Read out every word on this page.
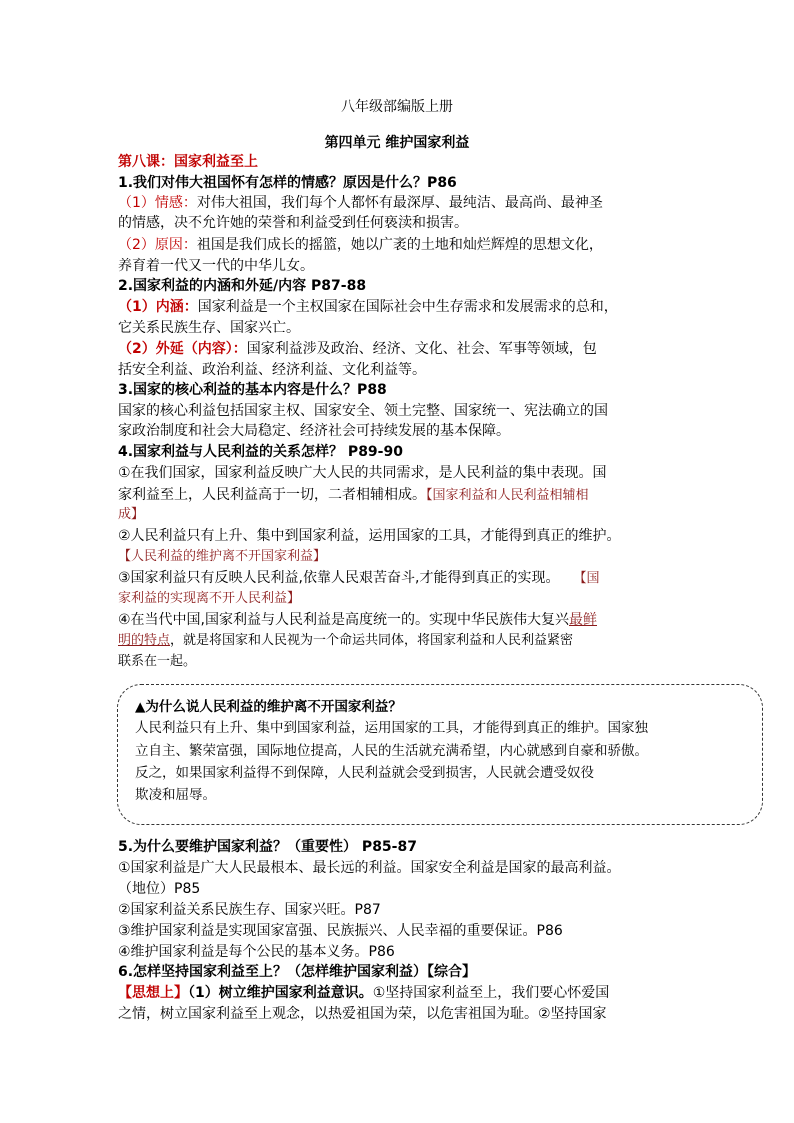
八年级部编版上册
第四单元 维护国家利益
第八课：国家利益至上
1.我们对伟大祖国怀有怎样的情感？原因是什么？P86
（1）情感：对伟大祖国，我们每个人都怀有最深厚、最纯洁、最高尚、最神圣
的情感，决不允许她的荣誉和利益受到任何亵渎和损害。
（2）原因：祖国是我们成长的摇篮，她以广袤的土地和灿烂辉煌的思想文化，
养育着一代又一代的中华儿女。
2.国家利益的内涵和外延/内容 P87-88
（1）内涵：国家利益是一个主权国家在国际社会中生存需求和发展需求的总和，
它关系民族生存、国家兴亡。
（2）外延（内容）：国家利益涉及政治、经济、文化、社会、军事等领域，包
括安全利益、政治利益、经济利益、文化利益等。
3.国家的核心利益的基本内容是什么？P88
国家的核心利益包括国家主权、国家安全、领土完整、国家统一、宪法确立的国
家政治制度和社会大局稳定、经济社会可持续发展的基本保障。
4.国家利益与人民利益的关系怎样？ P89-90
①在我们国家，国家利益反映广大人民的共同需求，是人民利益的集中表现。国
家利益至上，人民利益高于一切，二者相辅相成。【国家利益和人民利益相辅相
成】
②人民利益只有上升、集中到国家利益，运用国家的工具，才能得到真正的维护。
【人民利益的维护离不开国家利益】
③国家利益只有反映人民利益,依靠人民艰苦奋斗,才能得到真正的实现。 【国
家利益的实现离不开人民利益】
④在当代中国,国家利益与人民利益是高度统一的。实现中华民族伟大复兴最鲜
明的特点，就是将国家和人民视为一个命运共同体，将国家利益和人民利益紧密
联系在一起。
▲为什么说人民利益的维护离不开国家利益？
人民利益只有上升、集中到国家利益，运用国家的工具，才能得到真正的维护。国家独
立自主、繁荣富强，国际地位提高，人民的生活就充满希望，内心就感到自豪和骄傲。
反之，如果国家利益得不到保障，人民利益就会受到损害，人民就会遭受奴役
欺凌和屈辱。
5.为什么要维护国家利益？（重要性） P85-87
①国家利益是广大人民最根本、最长远的利益。国家安全利益是国家的最高利益。
（地位）P85
②国家利益关系民族生存、国家兴旺。P87
③维护国家利益是实现国家富强、民族振兴、人民幸福的重要保证。P86
④维护国家利益是每个公民的基本义务。P86
6.怎样坚持国家利益至上？（怎样维护国家利益）【综合】
【思想上】（1）树立维护国家利益意识。①坚持国家利益至上，我们要心怀爱国
之情，树立国家利益至上观念，以热爱祖国为荣，以危害祖国为耻。②坚持国家
